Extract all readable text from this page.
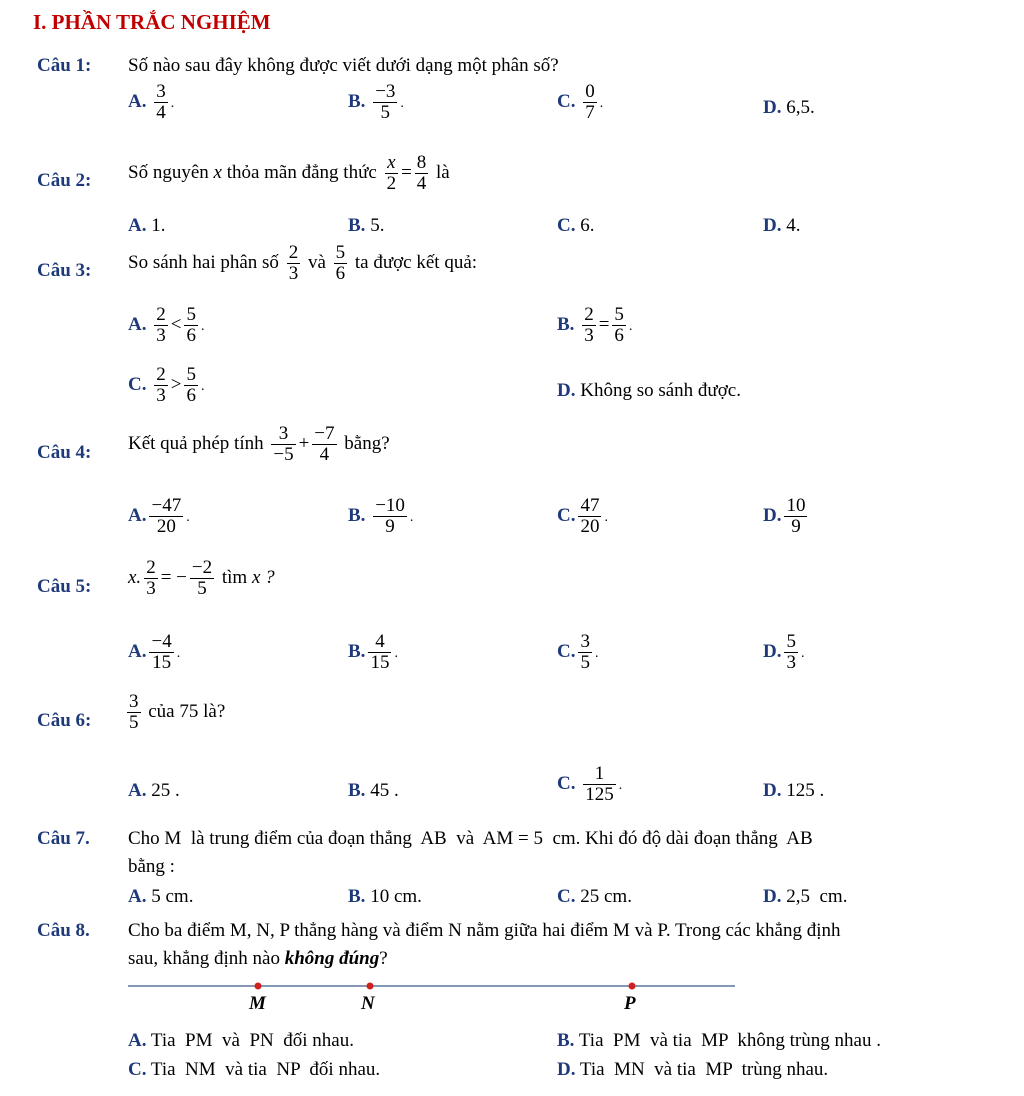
I. PHẦN TRẮC NGHIỆM
Câu 1: Số nào sau đây không được viết dưới dạng một phân số?
A. $\frac{3}{4}$ .	B. $\frac{-3}{5}$ .	C. $\frac{0}{7}$ .	D. 6,5.
Câu 2: Số nguyên x thỏa mãn đẳng thức $\frac{x}{2} = \frac{8}{4}$ là
A. 1.	B. 5.	C. 6.	D. 4.
Câu 3: So sánh hai phân số $\frac{2}{3}$ và $\frac{5}{6}$ ta được kết quả:
A. $\frac{2}{3} < \frac{5}{6}$ .	B. $\frac{2}{3} = \frac{5}{6}$ .
C. $\frac{2}{3} > \frac{5}{6}$ .	D. Không so sánh được.
Câu 4: Kết quả phép tính $\frac{3}{-5} + \frac{-7}{4}$ bằng?
A. $\frac{-47}{20}$ .	B. $\frac{-10}{9}$ .	C. $\frac{47}{20}$ .	D. $\frac{10}{9}$
Câu 5: x. $\frac{2}{3}$ = − $\frac{-2}{5}$ tìm x ?
A. $\frac{-4}{15}$ .	B. $\frac{4}{15}$ .	C. $\frac{3}{5}$ .	D. $\frac{5}{3}$ .
Câu 6: $\frac{3}{5}$ của 75 là?
A. 25 .	B. 45 .	C. $\frac{1}{125}$ .	D. 125 .
Câu 7. Cho M  là trung điểm của đoạn thẳng  AB  và  AM = 5  cm. Khi đó độ dài đoạn thẳng  AB
bằng :
A. 5 cm.	B. 10 cm.	C. 25 cm.	D. 2,5  cm.
Câu 8. Cho ba điểm M, N, P thẳng hàng và điểm N nằm giữa hai điểm M và P. Trong các khẳng định
sau, khẳng định nào không đúng?
M	N	P
A. Tia  PM  và  PN  đối nhau.	B. Tia  PM  và tia  MP  không trùng nhau .
C. Tia  NM  và tia  NP  đối nhau.	D. Tia  MN  và tia  MP  trùng nhau.
